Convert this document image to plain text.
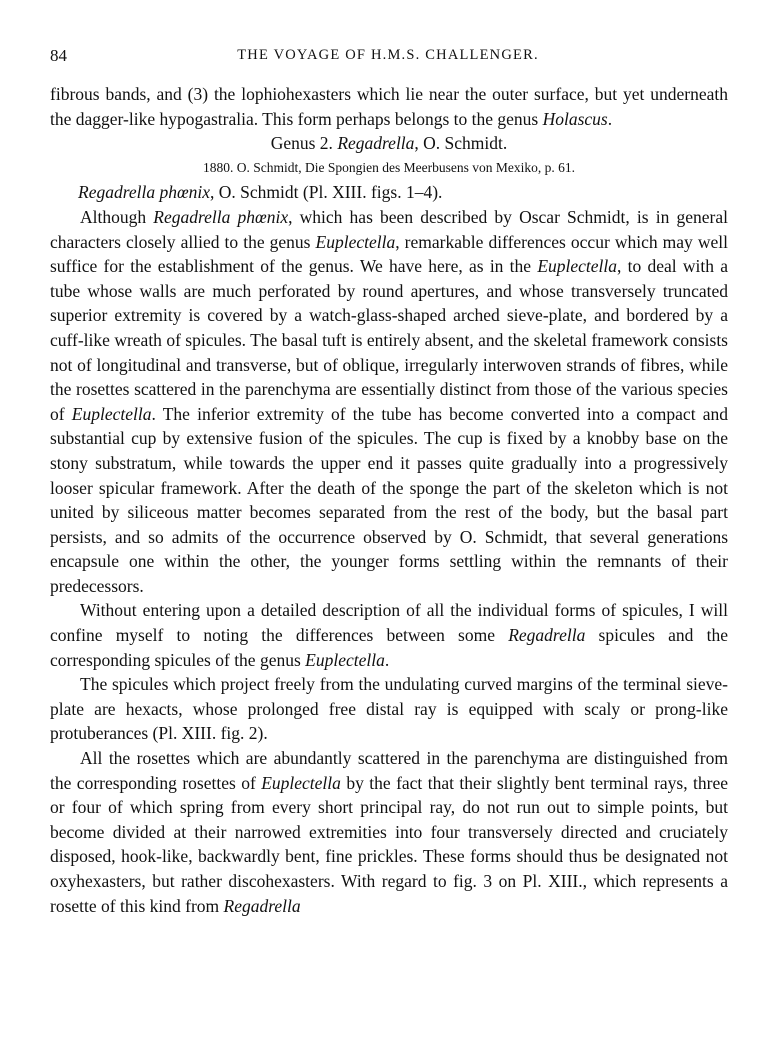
84	THE VOYAGE OF H.M.S. CHALLENGER.

fibrous bands, and (3) the lophiohexasters which lie near the outer surface, but yet underneath the dagger-like hypogastralia. This form perhaps belongs to the genus Holascus.

Genus 2. Regadrella, O. Schmidt.

1880. O. Schmidt, Die Spongien des Meerbusens von Mexiko, p. 61.

Regadrella phœnix, O. Schmidt (Pl. XIII. figs. 1–4).

Although Regadrella phœnix, which has been described by Oscar Schmidt, is in general characters closely allied to the genus Euplectella, remarkable differences occur which may well suffice for the establishment of the genus. We have here, as in the Euplectella, to deal with a tube whose walls are much perforated by round apertures, and whose transversely truncated superior extremity is covered by a watch-glass-shaped arched sieve-plate, and bordered by a cuff-like wreath of spicules. The basal tuft is entirely absent, and the skeletal framework consists not of longitudinal and transverse, but of oblique, irregularly interwoven strands of fibres, while the rosettes scattered in the parenchyma are essentially distinct from those of the various species of Euplectella. The inferior extremity of the tube has become converted into a compact and substantial cup by extensive fusion of the spicules. The cup is fixed by a knobby base on the stony substratum, while towards the upper end it passes quite gradually into a progressively looser spicular framework. After the death of the sponge the part of the skeleton which is not united by siliceous matter becomes separated from the rest of the body, but the basal part persists, and so admits of the occurrence observed by O. Schmidt, that several generations encapsule one within the other, the younger forms settling within the remnants of their predecessors.

Without entering upon a detailed description of all the individual forms of spicules, I will confine myself to noting the differences between some Regadrella spicules and the corresponding spicules of the genus Euplectella.

The spicules which project freely from the undulating curved margins of the terminal sieve-plate are hexacts, whose prolonged free distal ray is equipped with scaly or prong-like protuberances (Pl. XIII. fig. 2).

All the rosettes which are abundantly scattered in the parenchyma are distinguished from the corresponding rosettes of Euplectella by the fact that their slightly bent terminal rays, three or four of which spring from every short principal ray, do not run out to simple points, but become divided at their narrowed extremities into four transversely directed and cruciately disposed, hook-like, backwardly bent, fine prickles. These forms should thus be designated not oxyhexasters, but rather discohexasters. With regard to fig. 3 on Pl. XIII., which represents a rosette of this kind from Regadrella
